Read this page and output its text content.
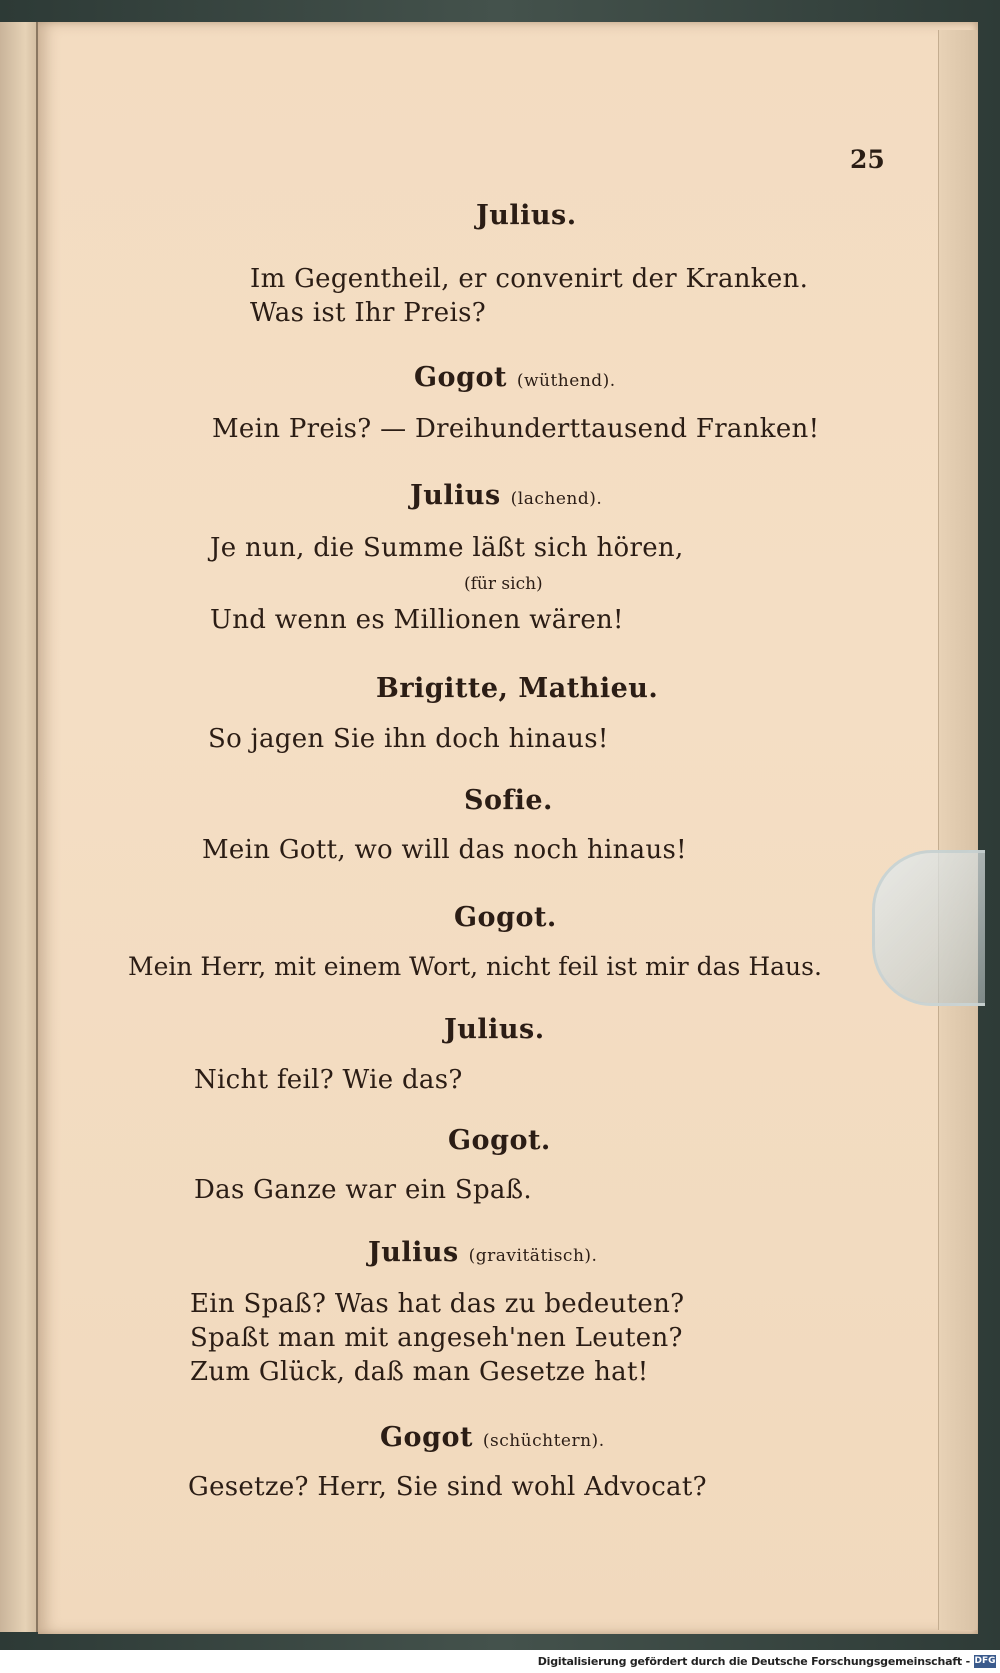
25
Julius.
Im Gegentheil, er convenirt der Kranken.
Was ist Ihr Preis?
Gogot (wüthend).
Mein Preis? — Dreihunderttausend Franken!
Julius (lachend).
Je nun, die Summe läßt sich hören,
(für sich)
Und wenn es Millionen wären!
Brigitte, Mathieu.
So jagen Sie ihn doch hinaus!
Sofie.
Mein Gott, wo will das noch hinaus!
Gogot.
Mein Herr, mit einem Wort, nicht feil ist mir das Haus.
Julius.
Nicht feil? Wie das?
Gogot.
Das Ganze war ein Spaß.
Julius (gravitätisch).
Ein Spaß? Was hat das zu bedeuten?
Spaßt man mit angeseh'nen Leuten?
Zum Glück, daß man Gesetze hat!
Gogot (schüchtern).
Gesetze? Herr, Sie sind wohl Advocat?
Digitalisierung gefördert durch die Deutsche Forschungsgemeinschaft - DFG
